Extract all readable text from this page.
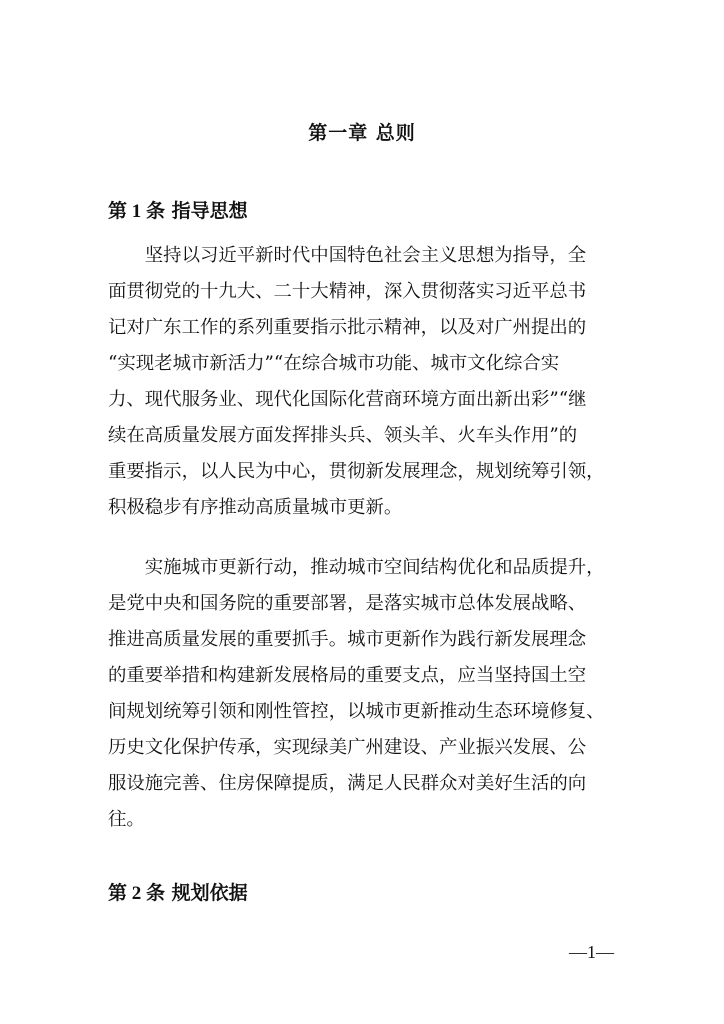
第一章 总则
第 1 条 指导思想
　　坚持以习近平新时代中国特色社会主义思想为指导，全
面贯彻党的十九大、二十大精神，深入贯彻落实习近平总书
记对广东工作的系列重要指示批示精神，以及对广州提出的
“实现老城市新活力”“在综合城市功能、城市文化综合实
力、现代服务业、现代化国际化营商环境方面出新出彩”“继
续在高质量发展方面发挥排头兵、领头羊、火车头作用”的
重要指示，以人民为中心，贯彻新发展理念，规划统筹引领，
积极稳步有序推动高质量城市更新。
　　实施城市更新行动，推动城市空间结构优化和品质提升，
是党中央和国务院的重要部署，是落实城市总体发展战略、
推进高质量发展的重要抓手。城市更新作为践行新发展理念
的重要举措和构建新发展格局的重要支点，应当坚持国土空
间规划统筹引领和刚性管控，以城市更新推动生态环境修复、
历史文化保护传承，实现绿美广州建设、产业振兴发展、公
服设施完善、住房保障提质，满足人民群众对美好生活的向
往。
第 2 条 规划依据
—1—
